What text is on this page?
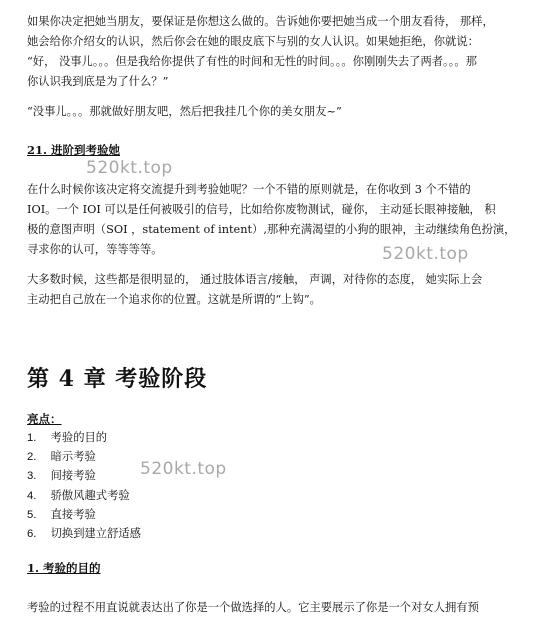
如果你决定把她当朋友，要保证是你想这么做的。告诉她你要把她当成一个朋友看待， 那样，
她会给你介绍女的认识，然后你会在她的眼皮底下与别的女人认识。如果她拒绝，你就说：
“好， 没事儿。。。但是我给你提供了有性的时间和无性的时间。。。你刚刚失去了两者。。。那
你认识我到底是为了什么？”

“没事儿。。。那就做好朋友吧，然后把我挂几个你的美女朋友~”

21. 进阶到考验她

520kt.top

在什么时候你该决定将交流提升到考验她呢？一个不错的原则就是，在你收到 3 个不错的
IOI。一个 IOI 可以是任何被吸引的信号，比如给你废物测试，碰你， 主动延长眼神接触， 积
极的意图声明（SOI ，statement of intent）,那种充满渴望的小狗的眼神，主动继续角色扮演，
寻求你的认可，等等等等。	520kt.top

大多数时候，这些都是很明显的， 通过肢体语言/接触， 声调，对待你的态度， 她实际上会
主动把自己放在一个追求你的位置。这就是所谓的“上钩”。

第 4 章 考验阶段

亮点：

1. 考验的目的
2. 暗示考验
3. 间接考验
4. 骄傲风趣式考验
5. 直接考验
6. 切换到建立舒适感
520kt.top

1. 考验的目的

考验的过程不用直说就表达出了你是一个做选择的人。它主要展示了你是一个对女人拥有预
